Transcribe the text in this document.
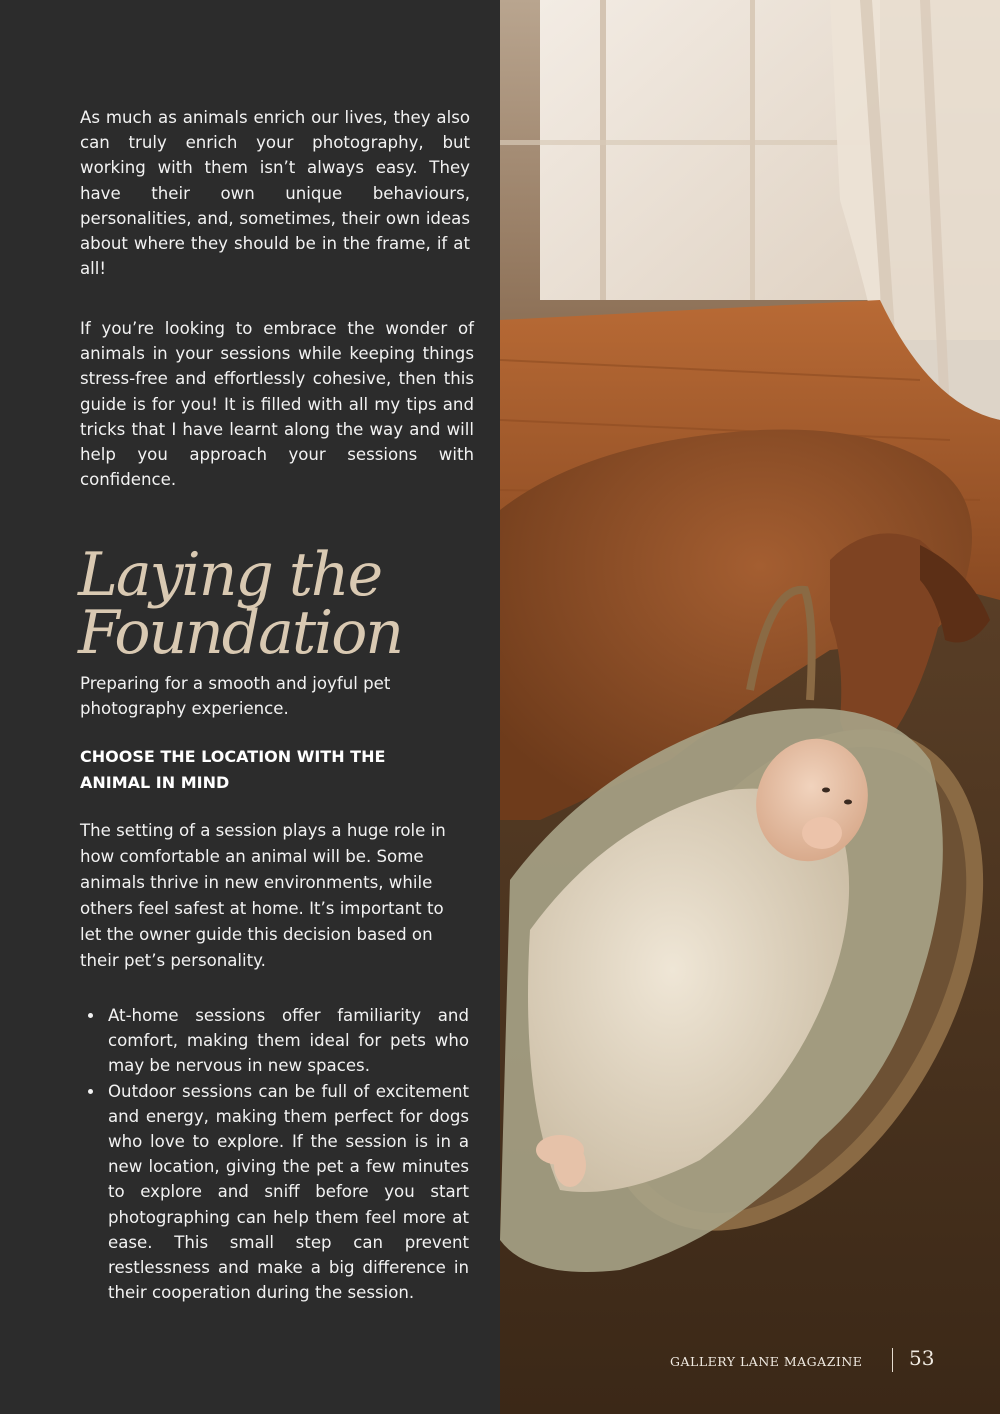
As much as animals enrich our lives, they also can truly enrich your photography, but working with them isn’t always easy. They have their own unique behaviours, personalities, and, sometimes, their own ideas about where they should be in the frame, if at all!

If you’re looking to embrace the wonder of animals in your sessions while keeping things stress-free and effortlessly cohesive, then this guide is for you! It is filled with all my tips and tricks that I have learnt along the way and will help you approach your sessions with confidence.

Laying the
Foundation

Preparing for a smooth and joyful pet photography experience.

CHOOSE THE LOCATION WITH THE ANIMAL IN MIND

The setting of a session plays a huge role in how comfortable an animal will be. Some animals thrive in new environments, while others feel safest at home. It’s important to let the owner guide this decision based on their pet’s personality.

At-home sessions offer familiarity and comfort, making them ideal for pets who may be nervous in new spaces.
Outdoor sessions can be full of excitement and energy, making them perfect for dogs who love to explore. If the session is in a new location, giving the pet a few minutes to explore and sniff before you start photographing can help them feel more at ease. This small step can prevent restlessness and make a big difference in their cooperation during the session.
GALLERY LANE MAGAZINE 53
